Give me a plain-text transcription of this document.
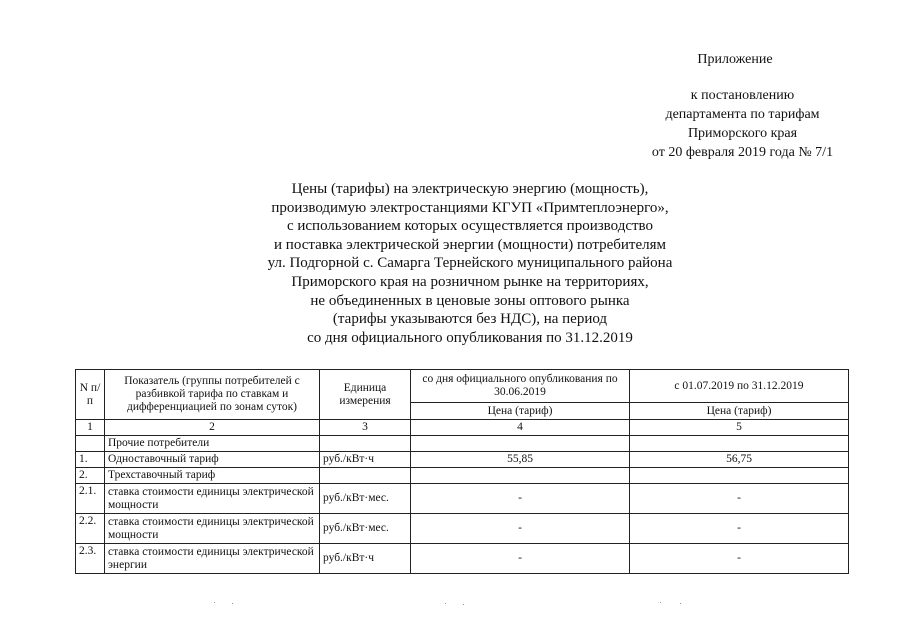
Приложение
к постановлению
департамента по тарифам
Приморского края
от 20 февраля 2019 года № 7/1
Цены (тарифы) на электрическую энергию (мощность),
производимую электростанциями КГУП «Примтеплоэнерго»,
с использованием которых осуществляется производство
и поставка электрической энергии (мощности) потребителям
ул. Подгорной с. Самарга Тернейского муниципального района
Приморского края на розничном рынке на территориях,
не объединенных в ценовые зоны оптового рынка
(тарифы указываются без НДС), на период
со дня официального опубликования по 31.12.2019
N п/п	Показатель (группы потребителей с разбивкой тарифа по ставкам и дифференциацией по зонам суток)	Единица измерения	со дня официального опубликования по 30.06.2019	с 01.07.2019 по 31.12.2019
			Цена (тариф)	Цена (тариф)
1	2	3	4	5
	Прочие потребители			
1.	Одноставочный тариф	руб./кВт·ч	55,85	56,75
2.	Трехставочный тариф			
2.1.	ставка стоимости единицы электрической мощности	руб./кВт·мес.	-	-
2.2.	ставка стоимости единицы электрической мощности	руб./кВт·мес.	-	-
2.3.	ставка стоимости единицы электрической энергии	руб./кВт·ч	-	-
